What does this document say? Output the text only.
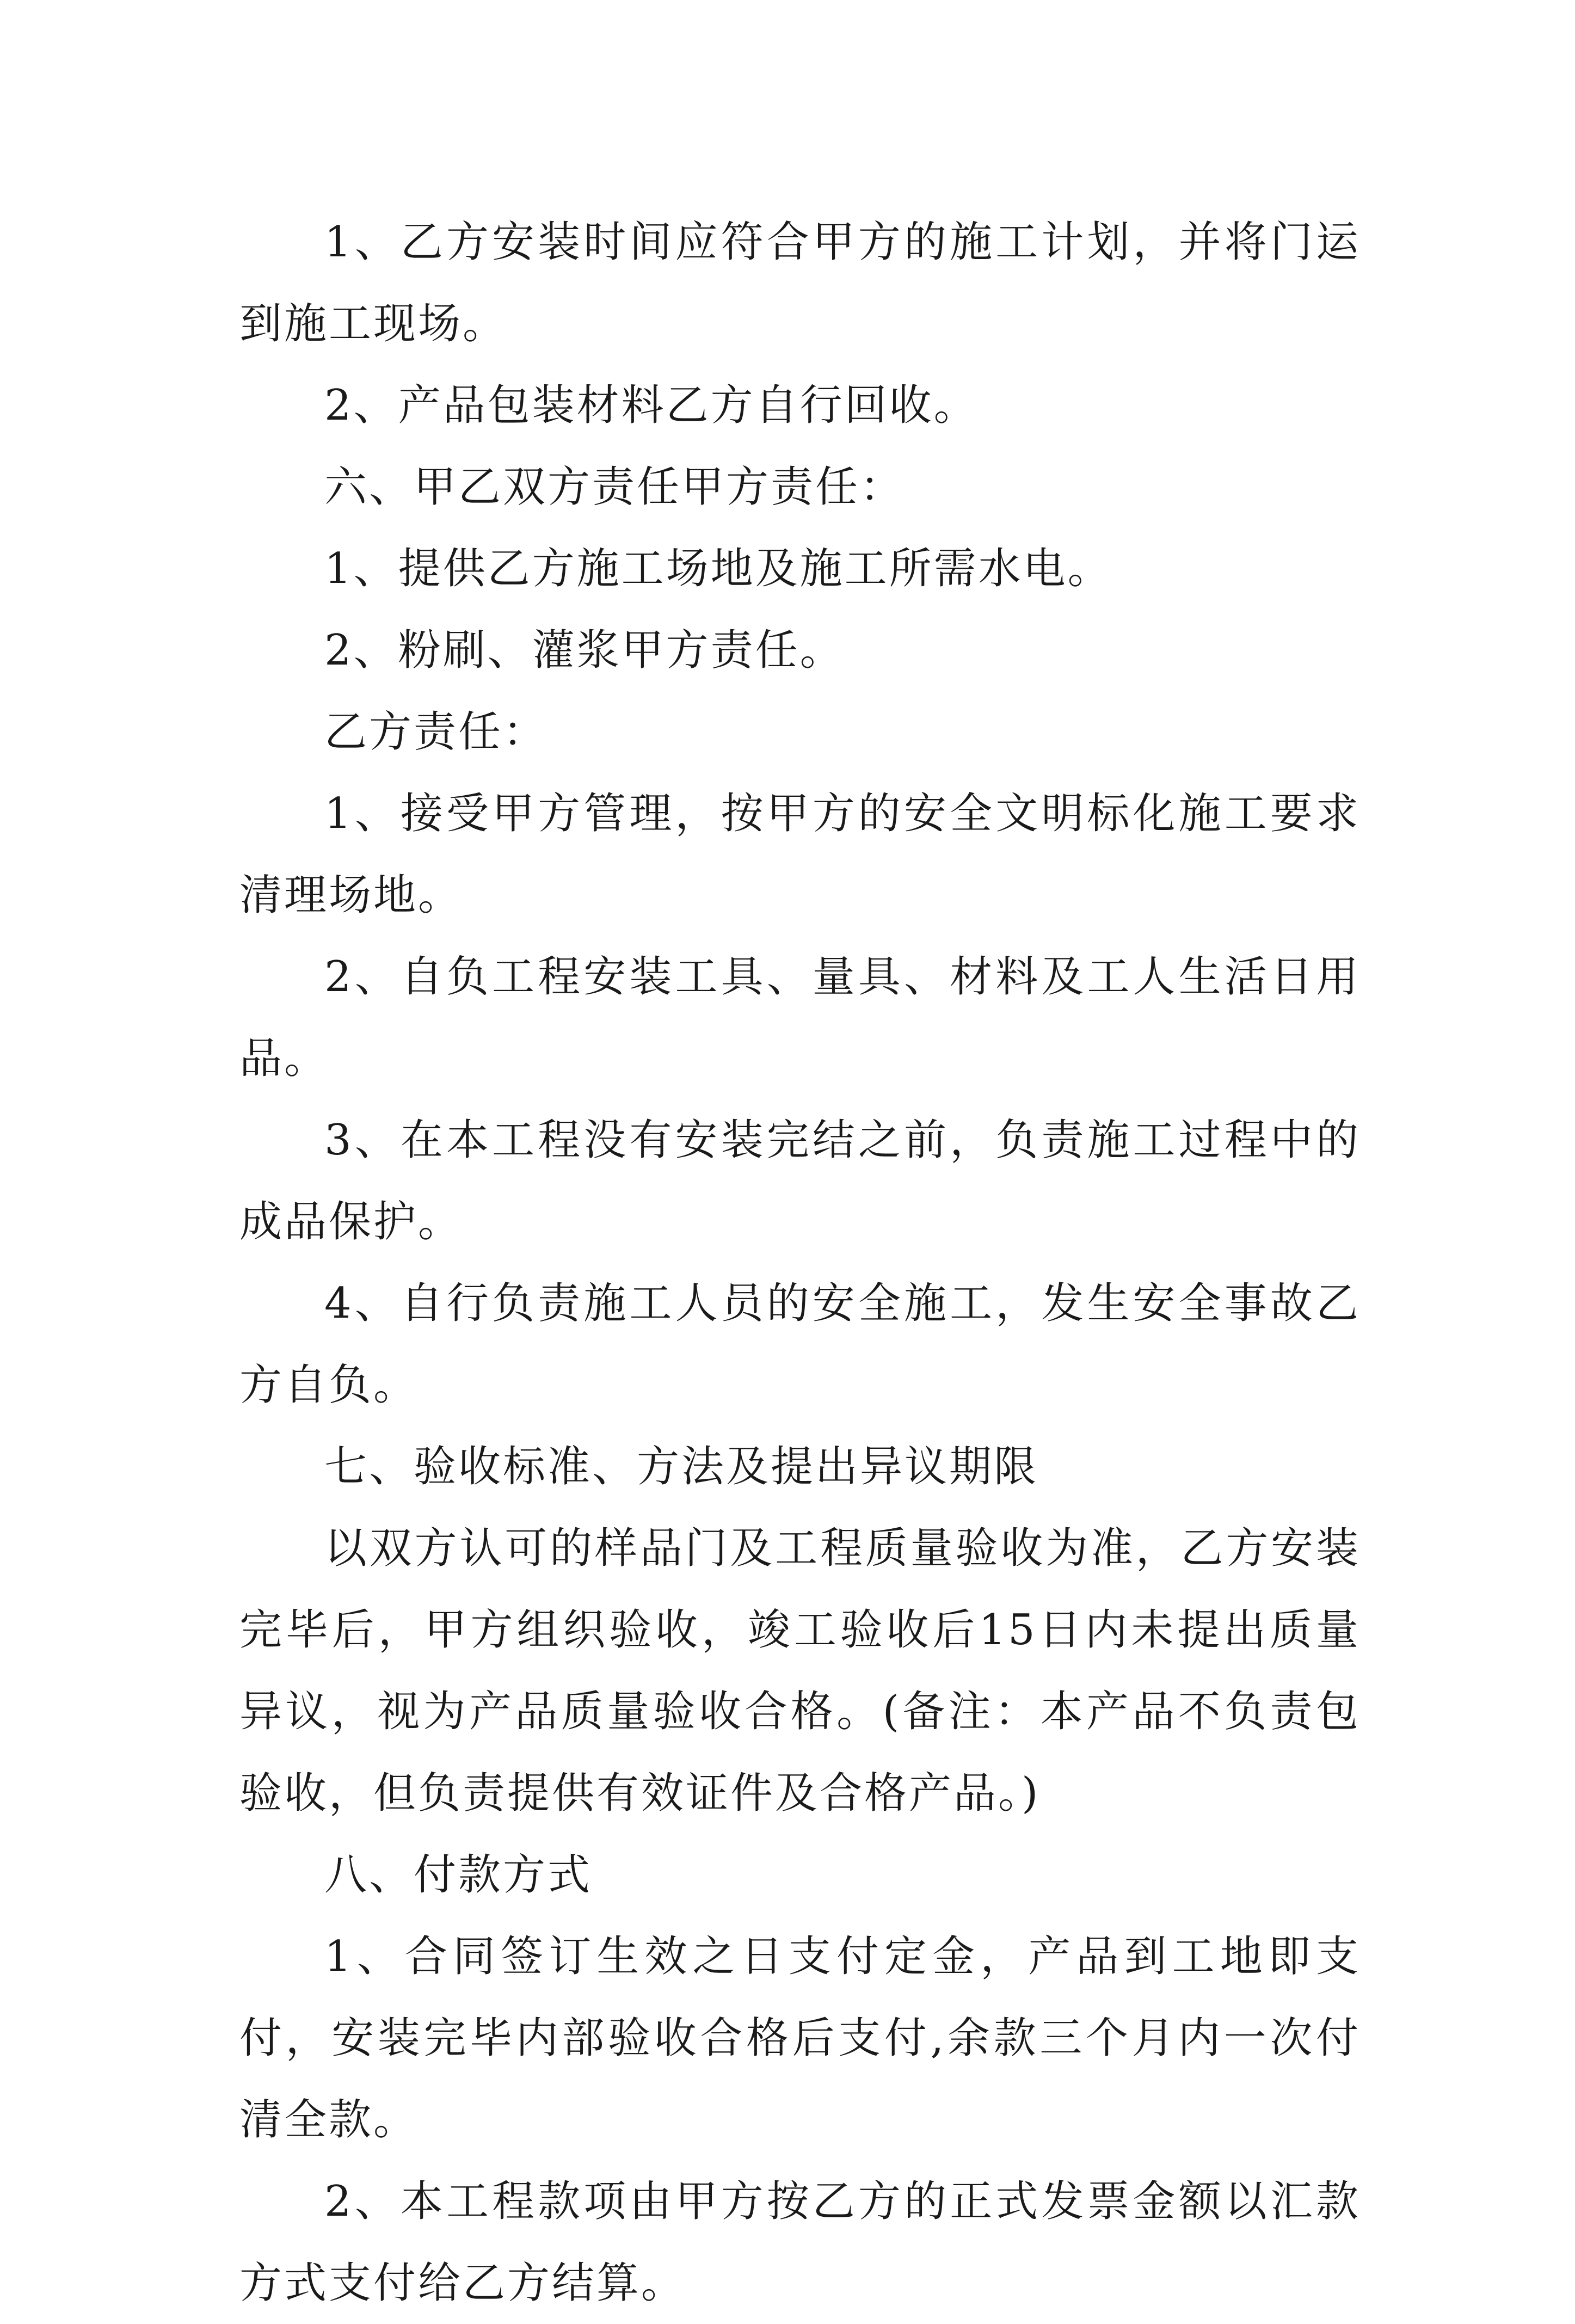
1、乙方安装时间应符合甲方的施工计划，并将门运到施工现场。

2、产品包装材料乙方自行回收。

六、甲乙双方责任甲方责任：

1、提供乙方施工场地及施工所需水电。

2、粉刷、灌浆甲方责任。

乙方责任：

1、接受甲方管理，按甲方的安全文明标化施工要求清理场地。

2、自负工程安装工具、量具、材料及工人生活日用品。

3、在本工程没有安装完结之前，负责施工过程中的成品保护。

4、自行负责施工人员的安全施工，发生安全事故乙方自负。

七、验收标准、方法及提出异议期限

以双方认可的样品门及工程质量验收为准，乙方安装完毕后，甲方组织验收，竣工验收后15日内未提出质量异议，视为产品质量验收合格。(备注：本产品不负责包验收，但负责提供有效证件及合格产品。)

八、付款方式

1、合同签订生效之日支付定金，产品到工地即支付，安装完毕内部验收合格后支付,余款三个月内一次付清全款。

2、本工程款项由甲方按乙方的正式发票金额以汇款方式支付给乙方结算。
